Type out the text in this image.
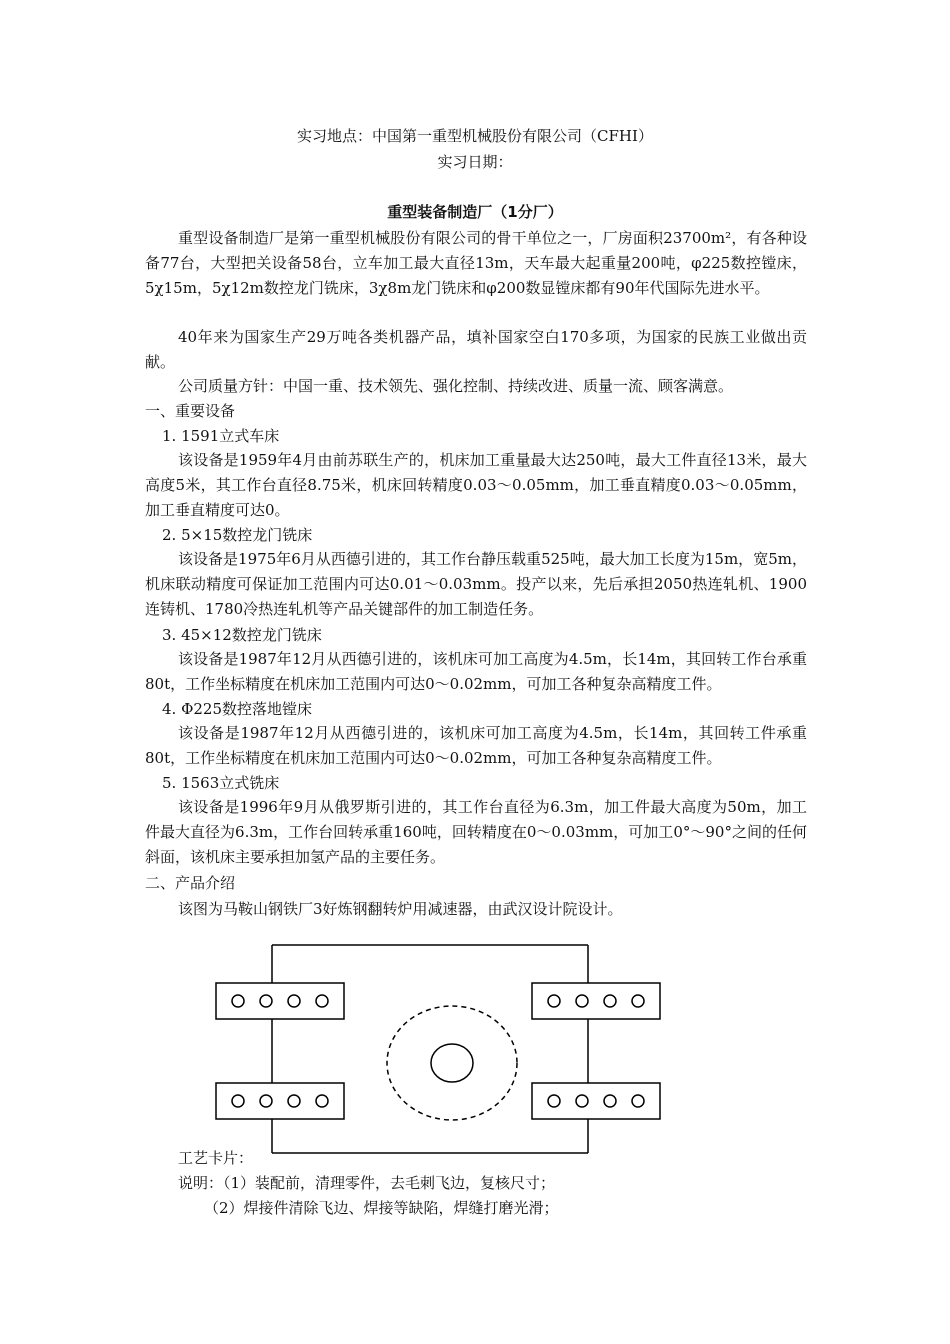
实习地点：中国第一重型机械股份有限公司（CFHI）
实习日期：
重型装备制造厂（1分厂）

重型设备制造厂是第一重型机械股份有限公司的骨干单位之一，厂房面积23700m²，有各种设备77台，大型把关设备58台，立车加工最大直径13m，天车最大起重量200吨，φ225数控镗床，5χ15m，5χ12m数控龙门铣床，3χ8m龙门铣床和φ200数显镗床都有90年代国际先进水平。

40年来为国家生产29万吨各类机器产品，填补国家空白170多项，为国家的民族工业做出贡献。

公司质量方针：中国一重、技术领先、强化控制、持续改进、质量一流、顾客满意。

一、重要设备
1. 1591立式车床

该设备是1959年4月由前苏联生产的，机床加工重量最大达250吨，最大工件直径13米，最大高度5米，其工作台直径8.75米，机床回转精度0.03～0.05mm，加工垂直精度0.03～0.05mm，加工垂直精度可达0。

2. 5×15数控龙门铣床

该设备是1975年6月从西德引进的，其工作台静压载重525吨，最大加工长度为15m，宽5m，机床联动精度可保证加工范围内可达0.01～0.03mm。投产以来，先后承担2050热连轧机、1900连铸机、1780冷热连轧机等产品关键部件的加工制造任务。

3. 45×12数控龙门铣床

该设备是1987年12月从西德引进的，该机床可加工高度为4.5m，长14m，其回转工作台承重80t，工作坐标精度在机床加工范围内可达0～0.02mm，可加工各种复杂高精度工件。

4. Φ225数控落地镗床

该设备是1987年12月从西德引进的，该机床可加工高度为4.5m，长14m，其回转工件承重80t，工作坐标精度在机床加工范围内可达0～0.02mm，可加工各种复杂高精度工件。

5. 1563立式铣床

该设备是1996年9月从俄罗斯引进的，其工作台直径为6.3m，加工件最大高度为50m，加工件最大直径为6.3m，工作台回转承重160吨，回转精度在0～0.03mm，可加工0°～90°之间的任何斜面，该机床主要承担加氢产品的主要任务。

二、产品介绍

该图为马鞍山钢铁厂3好炼钢翻转炉用减速器，由武汉设计院设计。

工艺卡片：
说明：（1）装配前，清理零件，去毛刺飞边，复核尺寸；
（2）焊接件清除飞边、焊接等缺陷，焊缝打磨光滑；
